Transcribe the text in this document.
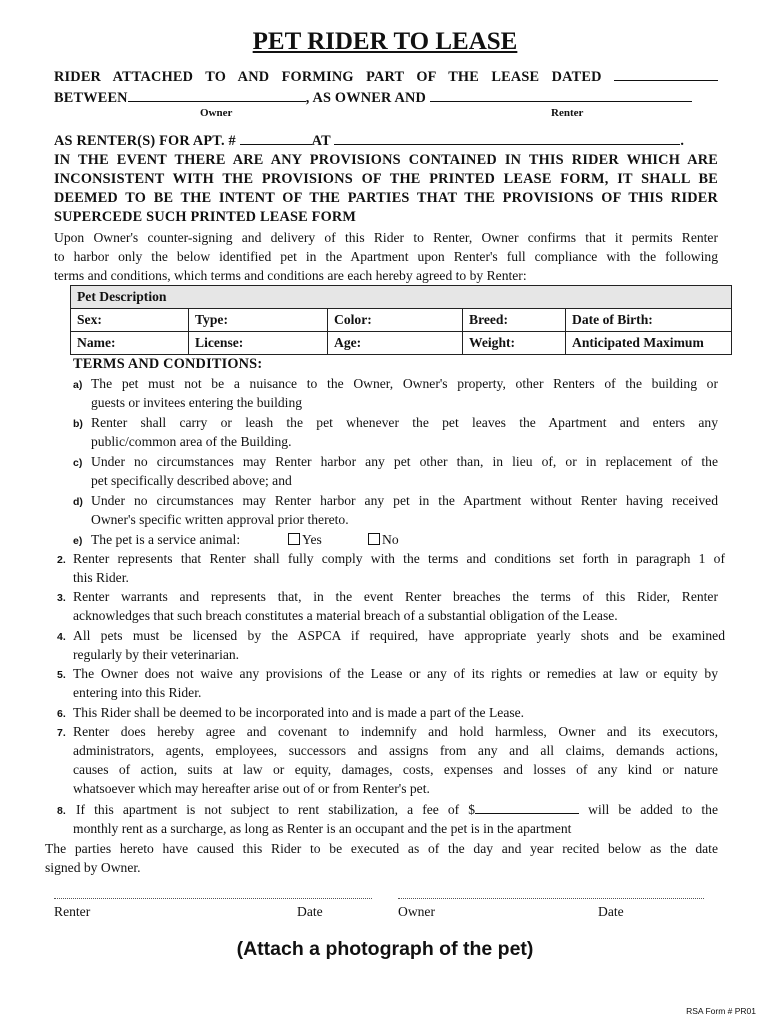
PET RIDER TO LEASE
RIDER ATTACHED TO AND FORMING PART OF THE LEASE DATED
BETWEEN	, AS OWNER AND
Owner	Renter
AS RENTER(S) FOR APT. #	AT	.
IN THE EVENT THERE ARE ANY PROVISIONS CONTAINED IN THIS RIDER WHICH ARE
INCONSISTENT WITH THE PROVISIONS OF THE PRINTED LEASE FORM, IT SHALL BE
DEEMED TO BE THE INTENT OF THE PARTIES THAT THE PROVISIONS OF THIS RIDER
SUPERCEDE SUCH PRINTED LEASE FORM
Upon Owner's counter-signing and delivery of this Rider to Renter, Owner confirms that it permits Renter
to harbor only the below identified pet in the Apartment upon Renter's full compliance with the following
terms and conditions, which terms and conditions are each hereby agreed to by Renter:
Pet Description				
Sex:	Type:	Color:	Breed:	Date of Birth:
Name:	License:	Age:	Weight:	Anticipated Maximum
TERMS AND CONDITIONS:
a) The pet must not be a nuisance to the Owner, Owner's property, other Renters of the building or
guests or invitees entering the building
b) Renter shall carry or leash the pet whenever the pet leaves the Apartment and enters any
public/common area of the Building.
c) Under no circumstances may Renter harbor any pet other than, in lieu of, or in replacement of the
pet specifically described above; and
d) Under no circumstances may Renter harbor any pet in the Apartment without Renter having received
Owner's specific written approval prior thereto.
e) The pet is a service animal:	Yes	No
2. Renter represents that Renter shall fully comply with the terms and conditions set forth in paragraph 1 of
this Rider.
3. Renter warrants and represents that, in the event Renter breaches the terms of this Rider, Renter
acknowledges that such breach constitutes a material breach of a substantial obligation of the Lease.
4. All pets must be licensed by the ASPCA if required, have appropriate yearly shots and be examined
regularly by their veterinarian.
5. The Owner does not waive any provisions of the Lease or any of its rights or remedies at law or equity by
entering into this Rider.
6. This Rider shall be deemed to be incorporated into and is made a part of the Lease.
7. Renter does hereby agree and covenant to indemnify and hold harmless, Owner and its executors,
administrators, agents, employees, successors and assigns from any and all claims, demands actions,
causes of action, suits at law or equity, damages, costs, expenses and losses of any kind or nature
whatsoever which may hereafter arise out of or from Renter's pet.
8. If this apartment is not subject to rent stabilization, a fee of $	will be added to the
monthly rent as a surcharge, as long as Renter is an occupant and the pet is in the apartment
The parties hereto have caused this Rider to be executed as of the day and year recited below as the date
signed by Owner.
Renter	Date	Owner	Date
(Attach a photograph of the pet)
RSA Form # PR01
